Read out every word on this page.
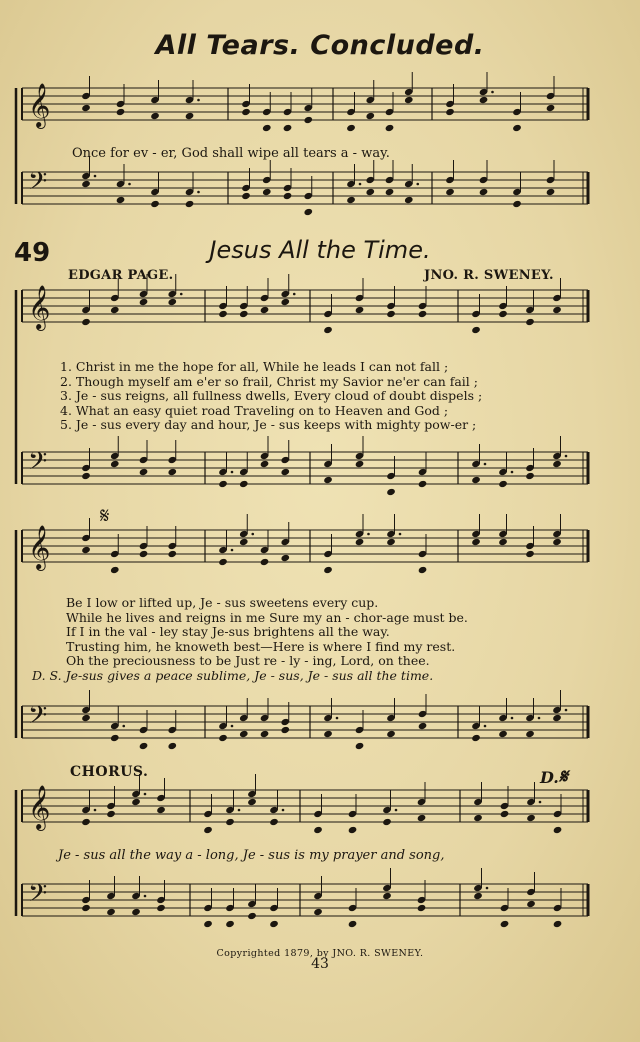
All Tears. Concluded.
𝄞
𝄢
𝄞
𝄢
𝄞
𝄢
𝄞
𝄢
Once for ev - er, God shall wipe all tears a - way.
49	Jesus All the Time.
EDGAR PAGE.	JNO. R. SWENEY.
1. Christ in me the hope for all, While he leads I can not fall ;
2. Though myself am e'er so frail, Christ my Savior ne'er can fail ;
3. Je - sus reigns, all fullness dwells, Every cloud of doubt dispels ;
4. What an easy quiet road Traveling on to Heaven and God ;
5. Je - sus every day and hour, Je - sus keeps with mighty pow-er ;
𝄋
Be I low or lifted up, Je - sus sweetens every cup.
While he lives and reigns in me Sure my an - chor-age must be.
If I in the val - ley stay Je-sus brightens all the way.
Trusting him, he knoweth best—Here is where I find my rest.
Oh the preciousness to be Just re - ly - ing, Lord, on thee.
D. S. Je-sus gives a peace sublime, Je - sus, Je - sus all the time.
CHORUS.	D.𝄋
Je - sus all the way a - long, Je - sus is my prayer and song,
Copyrighted 1879, by JNO. R. SWENEY.
43
